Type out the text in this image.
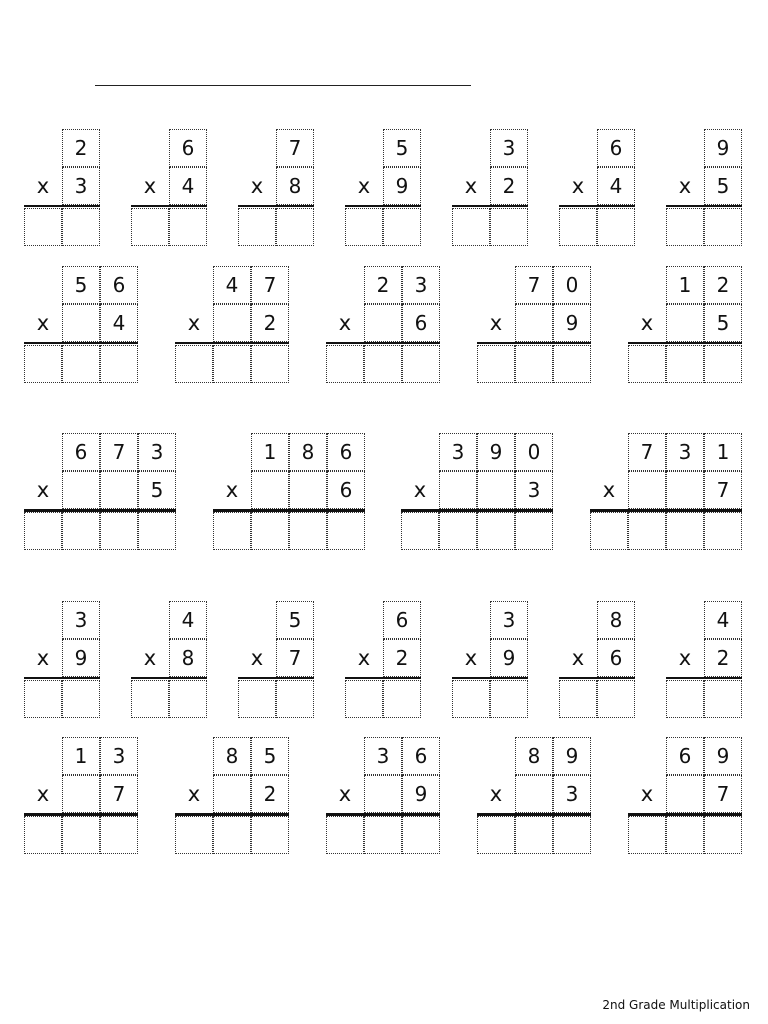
2
x	3
6
x	4
7
x	8
5
x	9
3
x	2
6
x	4
9
x	5
5	6
x	4
4	7
x	2
2	3
x	6
7	0
x	9
1	2
x	5
6	7	3
x	5
1	8	6
x	6
3	9	0
x	3
7	3	1
x	7
3
x	9
4
x	8
5
x	7
6
x	2
3
x	9
8
x	6
4
x	2
1	3
x	7
8	5
x	2
3	6
x	9
8	9
x	3
6	9
x	7
2nd Grade Multiplication
